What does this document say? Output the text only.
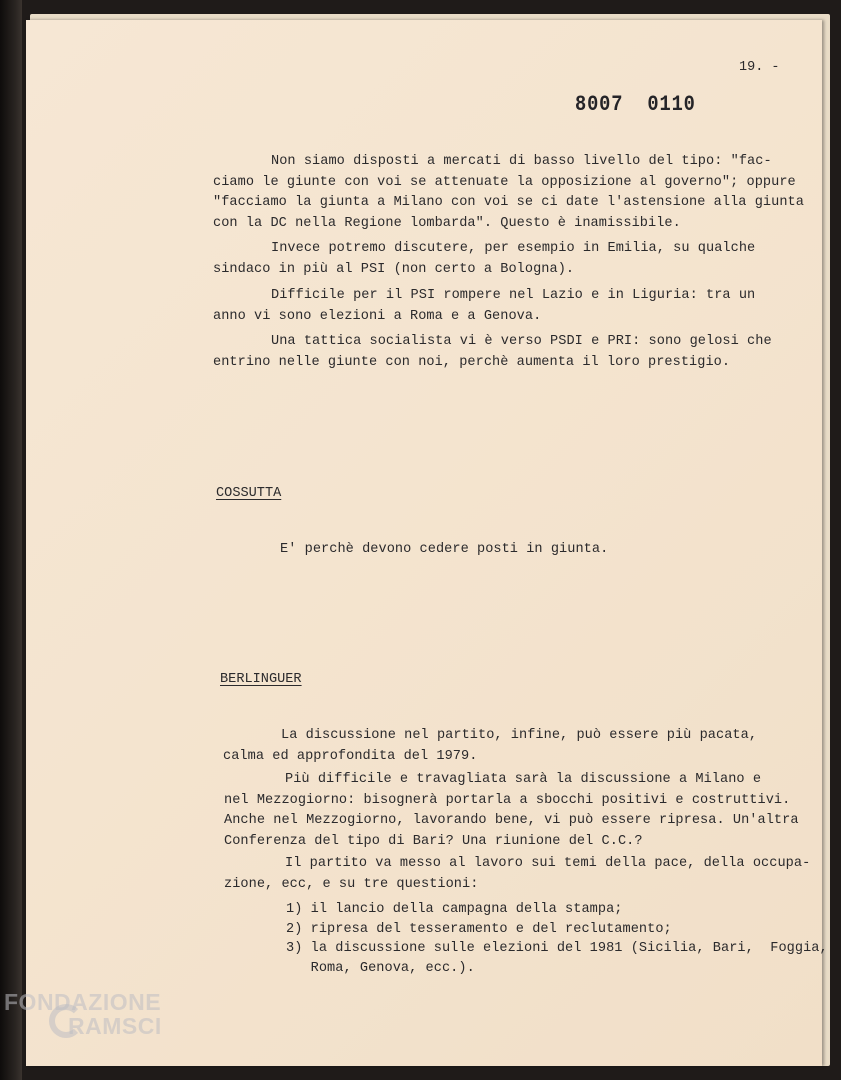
19. -
8007  0110
Non siamo disposti a mercati di basso livello del tipo: "fac-
ciamo le giunte con voi se attenuate la opposizione al governo"; oppure
"facciamo la giunta a Milano con voi se ci date l'astensione alla giunta
con la DC nella Regione lombarda". Questo è inamissibile.
Invece potremo discutere, per esempio in Emilia, su qualche
sindaco in più al PSI (non certo a Bologna).
Difficile per il PSI rompere nel Lazio e in Liguria: tra un
anno vi sono elezioni a Roma e a Genova.
Una tattica socialista vi è verso PSDI e PRI: sono gelosi che
entrino nelle giunte con noi, perchè aumenta il loro prestigio.
COSSUTTA
E' perchè devono cedere posti in giunta.
BERLINGUER
La discussione nel partito, infine, può essere più pacata,
calma ed approfondita del 1979.
Più difficile e travagliata sarà la discussione a Milano e
nel Mezzogiorno: bisognerà portarla a sbocchi positivi e costruttivi.
Anche nel Mezzogiorno, lavorando bene, vi può essere ripresa. Un'altra
Conferenza del tipo di Bari? Una riunione del C.C.?
Il partito va messo al lavoro sui temi della pace, della occupa-
zione, ecc, e su tre questioni:
1) il lancio della campagna della stampa;
2) ripresa del tesseramento e del reclutamento;
3) la discussione sulle elezioni del 1981 (Sicilia, Bari,  Foggia,
Roma, Genova, ecc.).
FONDAZIONE
RAMSCI
